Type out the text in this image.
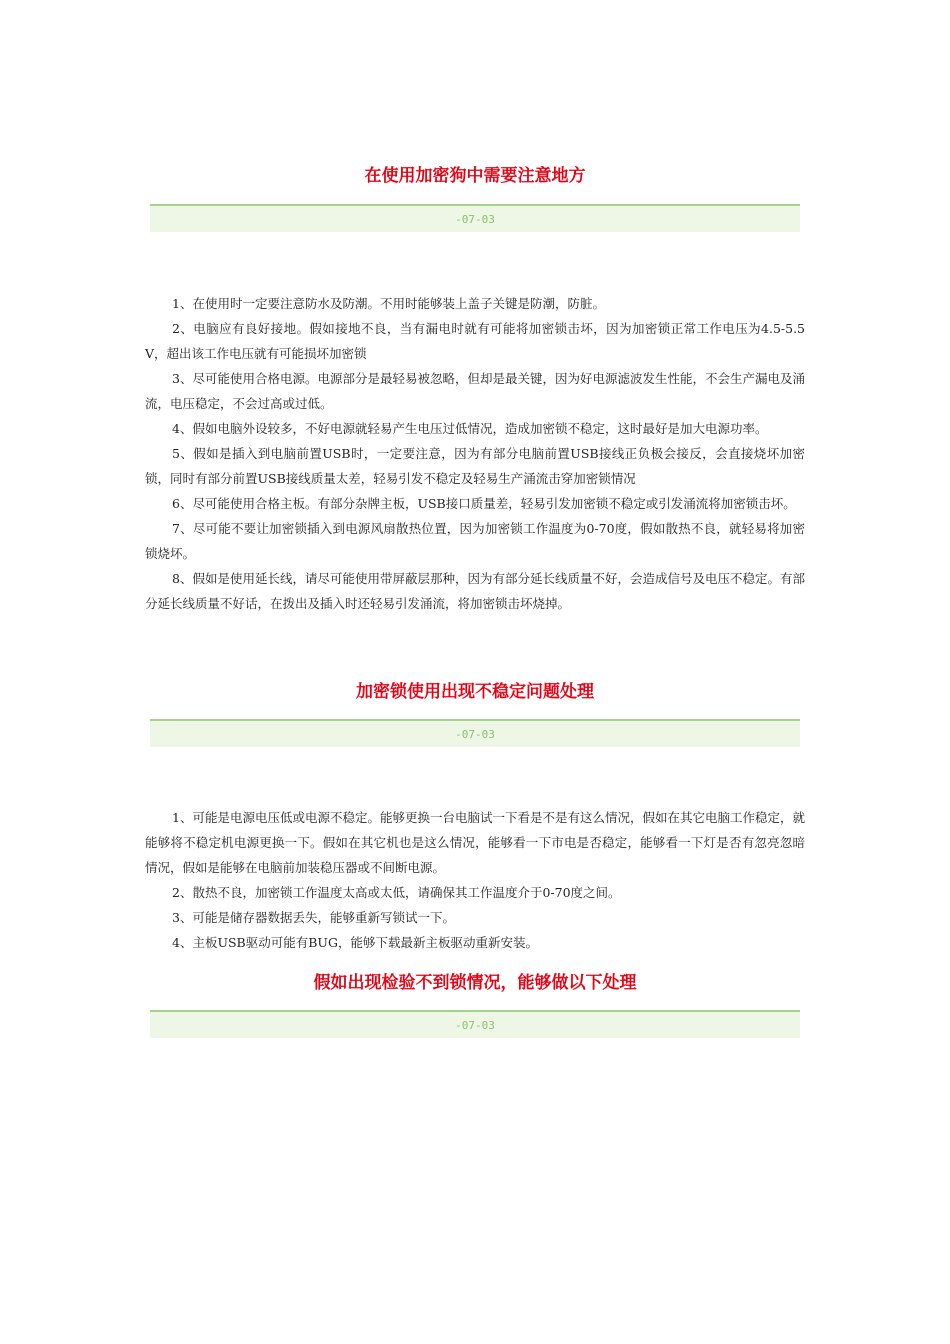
在使用加密狗中需要注意地方
-07-03

1、在使用时一定要注意防水及防潮。不用时能够装上盖子关键是防潮，防脏。

2、电脑应有良好接地。假如接地不良，当有漏电时就有可能将加密锁击坏，因为加密锁正常工作电压为4.5-5.5V，超出该工作电压就有可能损坏加密锁

3、尽可能使用合格电源。电源部分是最轻易被忽略，但却是最关键，因为好电源滤波发生性能，不会生产漏电及涌流，电压稳定，不会过高或过低。

4、假如电脑外设较多，不好电源就轻易产生电压过低情况，造成加密锁不稳定，这时最好是加大电源功率。

5、假如是插入到电脑前置USB时，一定要注意，因为有部分电脑前置USB接线正负极会接反，会直接烧坏加密锁，同时有部分前置USB接线质量太差，轻易引发不稳定及轻易生产涌流击穿加密锁情况

6、尽可能使用合格主板。有部分杂牌主板，USB接口质量差，轻易引发加密锁不稳定或引发涌流将加密锁击坏。

7、尽可能不要让加密锁插入到电源风扇散热位置，因为加密锁工作温度为0-70度，假如散热不良，就轻易将加密锁烧坏。

8、假如是使用延长线，请尽可能使用带屏蔽层那种，因为有部分延长线质量不好，会造成信号及电压不稳定。有部分延长线质量不好话，在拨出及插入时还轻易引发涌流，将加密锁击坏烧掉。

加密锁使用出现不稳定问题处理
-07-03

1、可能是电源电压低或电源不稳定。能够更换一台电脑试一下看是不是有这么情况，假如在其它电脑工作稳定，就能够将不稳定机电源更换一下。假如在其它机也是这么情况，能够看一下市电是否稳定，能够看一下灯是否有忽亮忽暗情况，假如是能够在电脑前加装稳压器或不间断电源。

2、散热不良，加密锁工作温度太高或太低，请确保其工作温度介于0-70度之间。

3、可能是储存器数据丢失，能够重新写锁试一下。

4、主板USB驱动可能有BUG，能够下载最新主板驱动重新安装。

假如出现检验不到锁情况，能够做以下处理
-07-03
